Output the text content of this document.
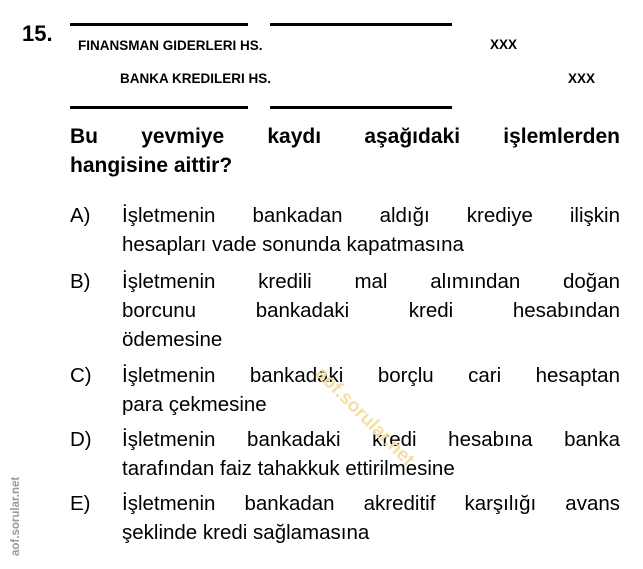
15. FINANSMAN GIDERLERI HS.	XXX
BANKA KREDILERI HS.	XXX
Bu yevmiye kaydı aşağıdaki işlemlerden
hangisine aittir?
A)	İşletmenin bankadan aldığı krediye ilişkin
hesapları vade sonunda kapatmasına
B)	İşletmenin kredili mal alımından doğan
borcunu bankadaki kredi hesabından
ödemesine
C)	İşletmenin bankadaki borçlu cari hesaptan
para çekmesine
D)	İşletmenin bankadaki kredi hesabına banka
tarafından faiz tahakkuk ettirilmesine
E)	İşletmenin bankadan akreditif karşılığı avans
şeklinde kredi sağlamasına
aof.sorular.net
aof.sorular.net
